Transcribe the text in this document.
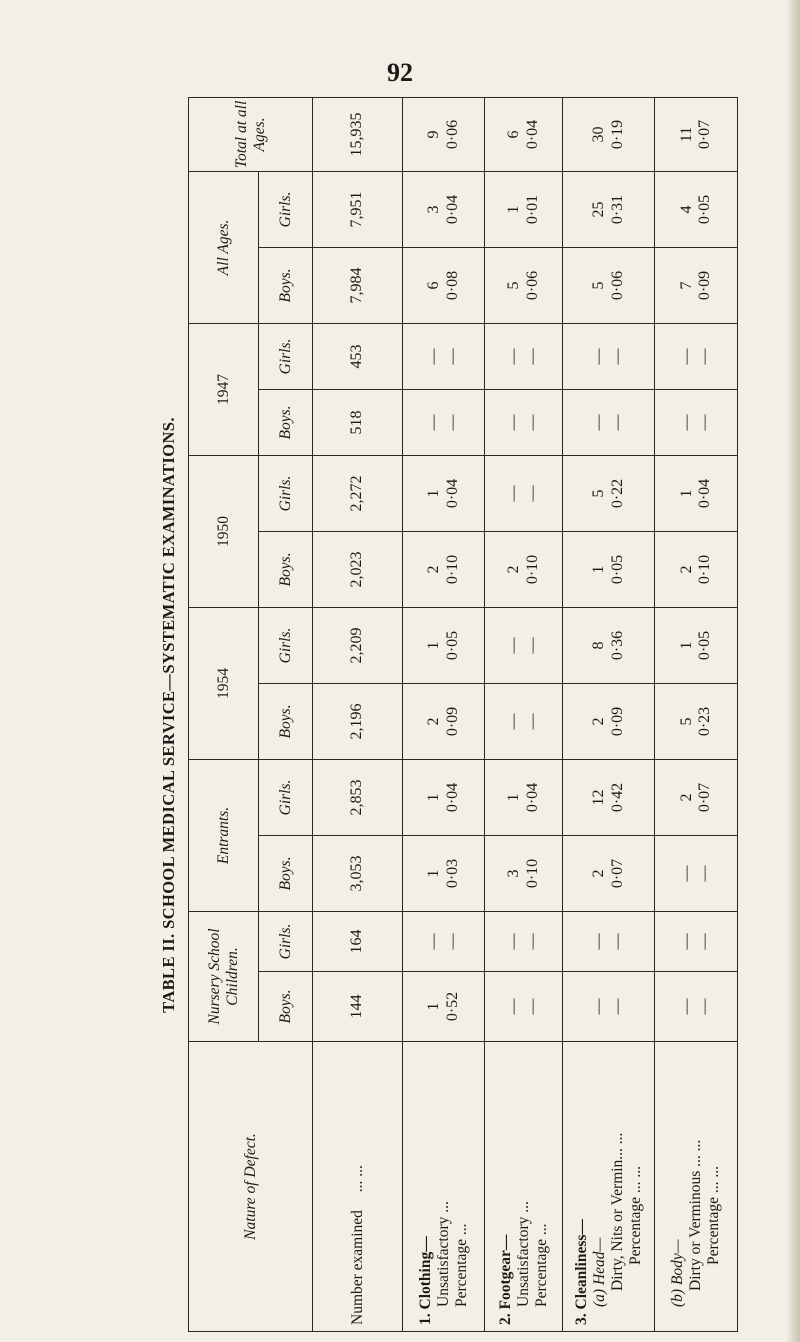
92
TABLE II. SCHOOL MEDICAL SERVICE—SYSTEMATIC EXAMINATIONS.
Nature of Defect.	Nursery School Children.		Entrants.		1954		1950		1947		All Ages.		Total at all Ages.
	Boys.	Girls.	Boys.	Girls.	Boys.	Girls.	Boys.	Girls.	Boys.	Girls.	Boys.	Girls.	
Number examined ... ...	144	164	3,053	2,853	2,196	2,209	2,023	2,272	518	453	7,984	7,951	15,935

1. Clothing— Unsatisfactory ...
Percentage ...	1 0·52	— —	1 0·03	1 0·04	2 0·09	1 0·05	2 0·10	1 0·04	— —	— —	6 0·08	3 0·04	9 0·06

2. Footgear— Unsatisfactory ...
Percentage ...	— —	— —	3 0·10	1 0·04	— —	— —	2 0·10	— —	— —	— —	5 0·06	1 0·01	6 0·04

3. Cleanliness— (a) Head— Dirty, Nits or Vermin... ...
Percentage ... ...	— —	— —	2 0·07	12 0·42	2 0·09	8 0·36	1 0·05	5 0·22	— —	— —	5 0·06	25 0·31	30 0·19

(b) Body— Dirty or Verminous ... ...
Percentage ... ...	— —	— —	— —	2 0·07	5 0·23	1 0·05	2 0·10	1 0·04	— —	— —	7 0·09	4 0·05	11 0·07
